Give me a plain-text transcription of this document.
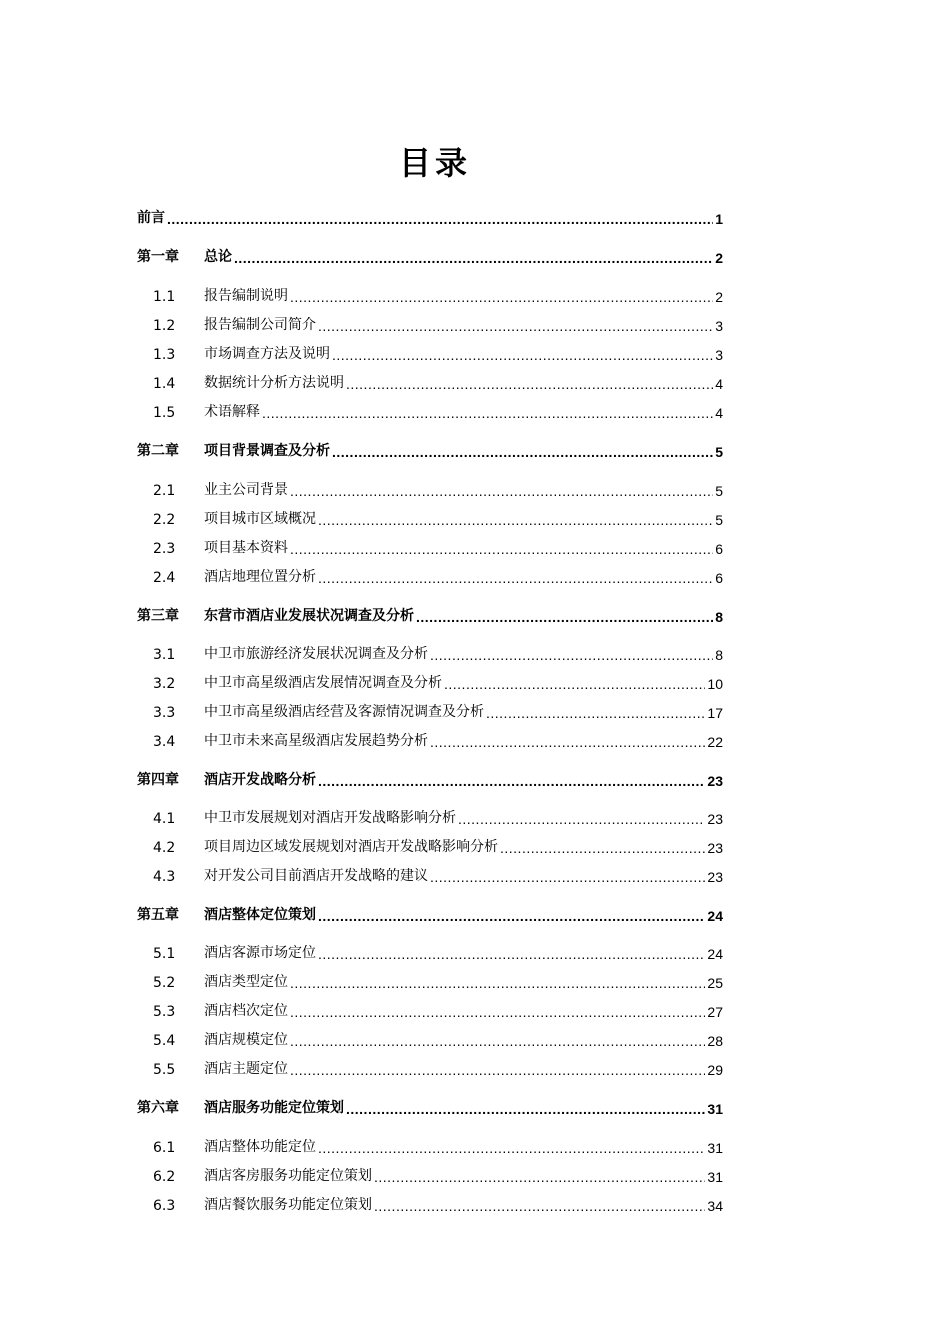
目录
前言 .....	1
第一章	总论 .....	2
1.1	报告编制说明 .....	2
1.2	报告编制公司简介 .....	3
1.3	市场调查方法及说明 .....	3
1.4	数据统计分析方法说明 .....	4
1.5	术语解释 .....	4
第二章	项目背景调查及分析 .....	5
2.1	业主公司背景 .....	5
2.2	项目城市区域概况 .....	5
2.3	项目基本资料 .....	6
2.4	酒店地理位置分析 .....	6
第三章	东营市酒店业发展状况调查及分析 .....	8
3.1	中卫市旅游经济发展状况调查及分析 .....	8
3.2	中卫市高星级酒店发展情况调查及分析 .....	10
3.3	中卫市高星级酒店经营及客源情况调查及分析 .....	17
3.4	中卫市未来高星级酒店发展趋势分析 .....	22
第四章	酒店开发战略分析 .....	23
4.1	中卫市发展规划对酒店开发战略影响分析 .....	23
4.2	项目周边区域发展规划对酒店开发战略影响分析 .....	23
4.3	对开发公司目前酒店开发战略的建议 .....	23
第五章	酒店整体定位策划 .....	24
5.1	酒店客源市场定位 .....	24
5.2	酒店类型定位 .....	25
5.3	酒店档次定位 .....	27
5.4	酒店规模定位 .....	28
5.5	酒店主题定位 .....	29
第六章	酒店服务功能定位策划 .....	31
6.1	酒店整体功能定位 .....	31
6.2	酒店客房服务功能定位策划 .....	31
6.3	酒店餐饮服务功能定位策划 .....	34
